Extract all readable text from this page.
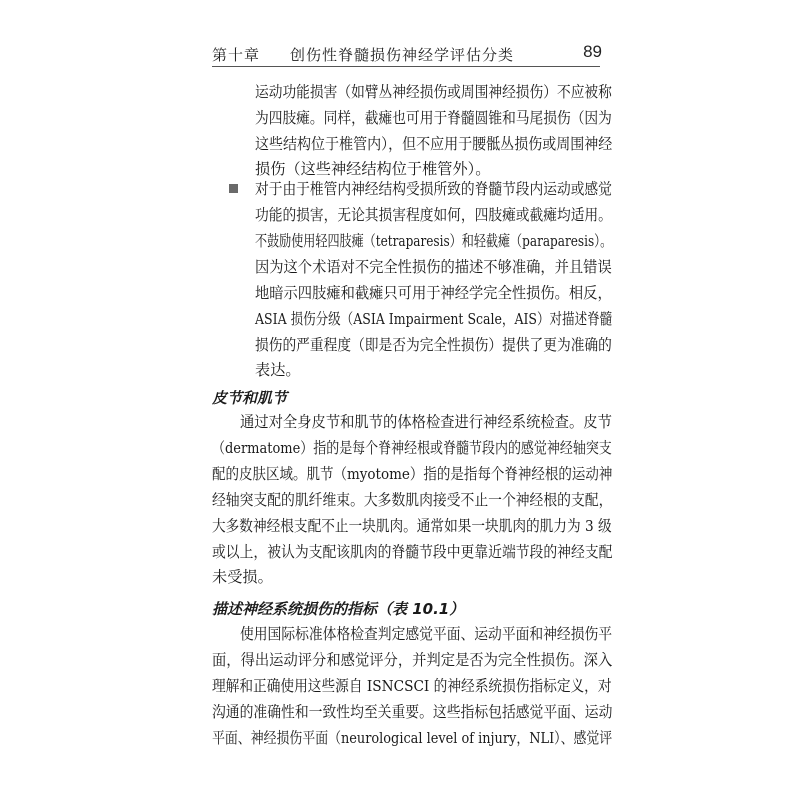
第十章 创伤性脊髓损伤神经学评估分类	89
运动功能损害（如臂丛神经损伤或周围神经损伤）不应被称
为四肢瘫。同样，截瘫也可用于脊髓圆锥和马尾损伤（因为
这些结构位于椎管内），但不应用于腰骶丛损伤或周围神经
损伤（这些神经结构位于椎管外）。
对于由于椎管内神经结构受损所致的脊髓节段内运动或感觉
功能的损害，无论其损害程度如何，四肢瘫或截瘫均适用。
不鼓励使用轻四肢瘫（tetraparesis）和轻截瘫（paraparesis）。
因为这个术语对不完全性损伤的描述不够准确，并且错误
地暗示四肢瘫和截瘫只可用于神经学完全性损伤。相反，
ASIA 损伤分级（ASIA Impairment Scale，AIS）对描述脊髓
损伤的严重程度（即是否为完全性损伤）提供了更为准确的
表达。
皮节和肌节
通过对全身皮节和肌节的体格检查进行神经系统检查。皮节
（dermatome）指的是每个脊神经根或脊髓节段内的感觉神经轴突支
配的皮肤区域。肌节（myotome）指的是指每个脊神经根的运动神
经轴突支配的肌纤维束。大多数肌肉接受不止一个神经根的支配，
大多数神经根支配不止一块肌肉。通常如果一块肌肉的肌力为 3 级
或以上，被认为支配该肌肉的脊髓节段中更靠近端节段的神经支配
未受损。
描述神经系统损伤的指标（表 10.1）
使用国际标准体格检查判定感觉平面、运动平面和神经损伤平
面，得出运动评分和感觉评分，并判定是否为完全性损伤。深入
理解和正确使用这些源自 ISNCSCI 的神经系统损伤指标定义，对
沟通的准确性和一致性均至关重要。这些指标包括感觉平面、运动
平面、神经损伤平面（neurological level of injury，NLI）、感觉评
